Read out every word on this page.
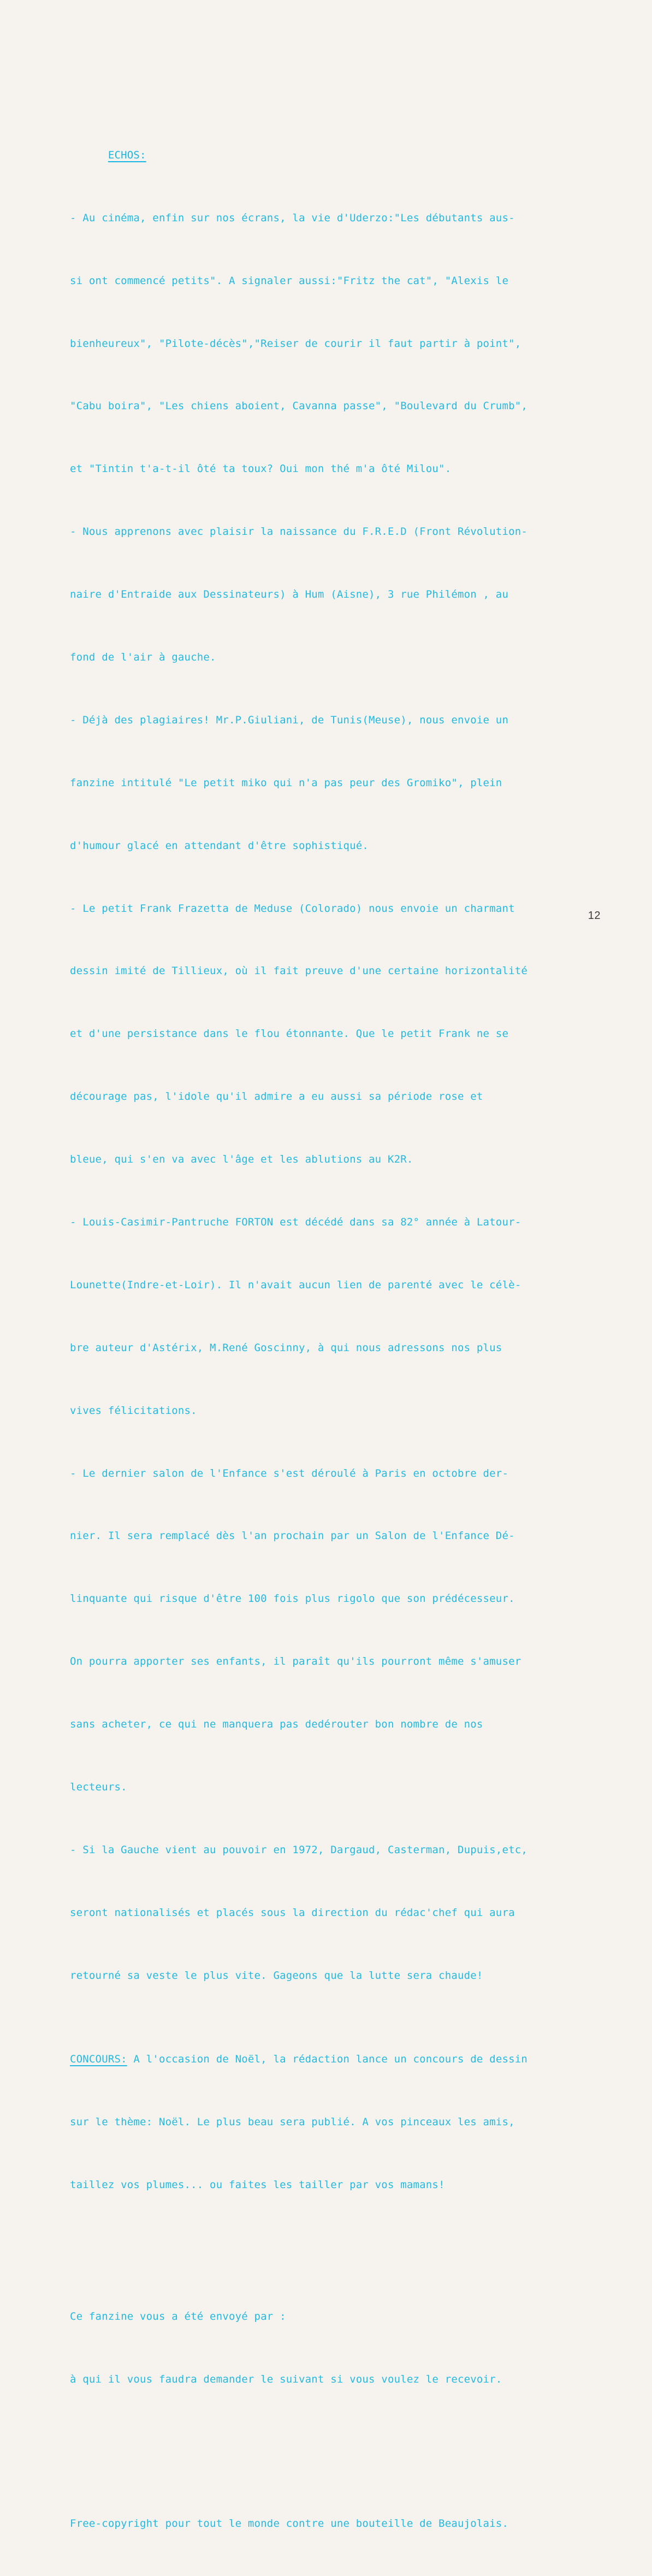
ECHOS:

- Au cinéma, enfin sur nos écrans, la vie d'Uderzo:"Les débutants aus-

si ont commencé petits". A signaler aussi:"Fritz the cat", "Alexis le

bienheureux", "Pilote-décès","Reiser de courir il faut partir à point",

"Cabu boira", "Les chiens aboient, Cavanna passe", "Boulevard du Crumb",

et "Tintin t'a-t-il ôté ta toux? Oui mon thé m'a ôté Milou".

- Nous apprenons avec plaisir la naissance du F.R.E.D (Front Révolution-

naire d'Entraide aux Dessinateurs) à Hum (Aisne), 3 rue Philémon , au

fond de l'air à gauche.

- Déjà des plagiaires! Mr.P.Giuliani, de Tunis(Meuse), nous envoie un

fanzine intitulé "Le petit miko qui n'a pas peur des Gromiko", plein

d'humour glacé en attendant d'être sophistiqué.

- Le petit Frank Frazetta de Meduse (Colorado) nous envoie un charmant

dessin imité de Tillieux, où il fait preuve d'une certaine horizontalité

et d'une persistance dans le flou étonnante. Que le petit Frank ne se

décourage pas, l'idole qu'il admire a eu aussi sa période rose et

bleue, qui s'en va avec l'âge et les ablutions au K2R.

- Louis-Casimir-Pantruche FORTON est décédé dans sa 82° année à Latour-

Lounette(Indre-et-Loir). Il n'avait aucun lien de parenté avec le célè-

bre auteur d'Astérix, M.René Goscinny, à qui nous adressons nos plus

vives félicitations.

- Le dernier salon de l'Enfance s'est déroulé à Paris en octobre der-

nier. Il sera remplacé dès l'an prochain par un Salon de l'Enfance Dé-

linquante qui risque d'être 100 fois plus rigolo que son prédécesseur.

On pourra apporter ses enfants, il paraît qu'ils pourront même s'amuser

sans acheter, ce qui ne manquera pas dedérouter bon nombre de nos

lecteurs.

- Si la Gauche vient au pouvoir en 1972, Dargaud, Casterman, Dupuis,etc,

seront nationalisés et placés sous la direction du rédac'chef qui aura

retourné sa veste le plus vite. Gageons que la lutte sera chaude!

CONCOURS: A l'occasion de Noël, la rédaction lance un concours de dessin

sur le thème: Noël. Le plus beau sera publié. A vos pinceaux les amis,

taillez vos plumes... ou faites les tailler par vos mamans!

Ce fanzine vous a été envoyé par :

à qui il vous faudra demander le suivant si vous voulez le recevoir.

Free-copyright pour tout le monde contre une bouteille de Beaujolais.

12
